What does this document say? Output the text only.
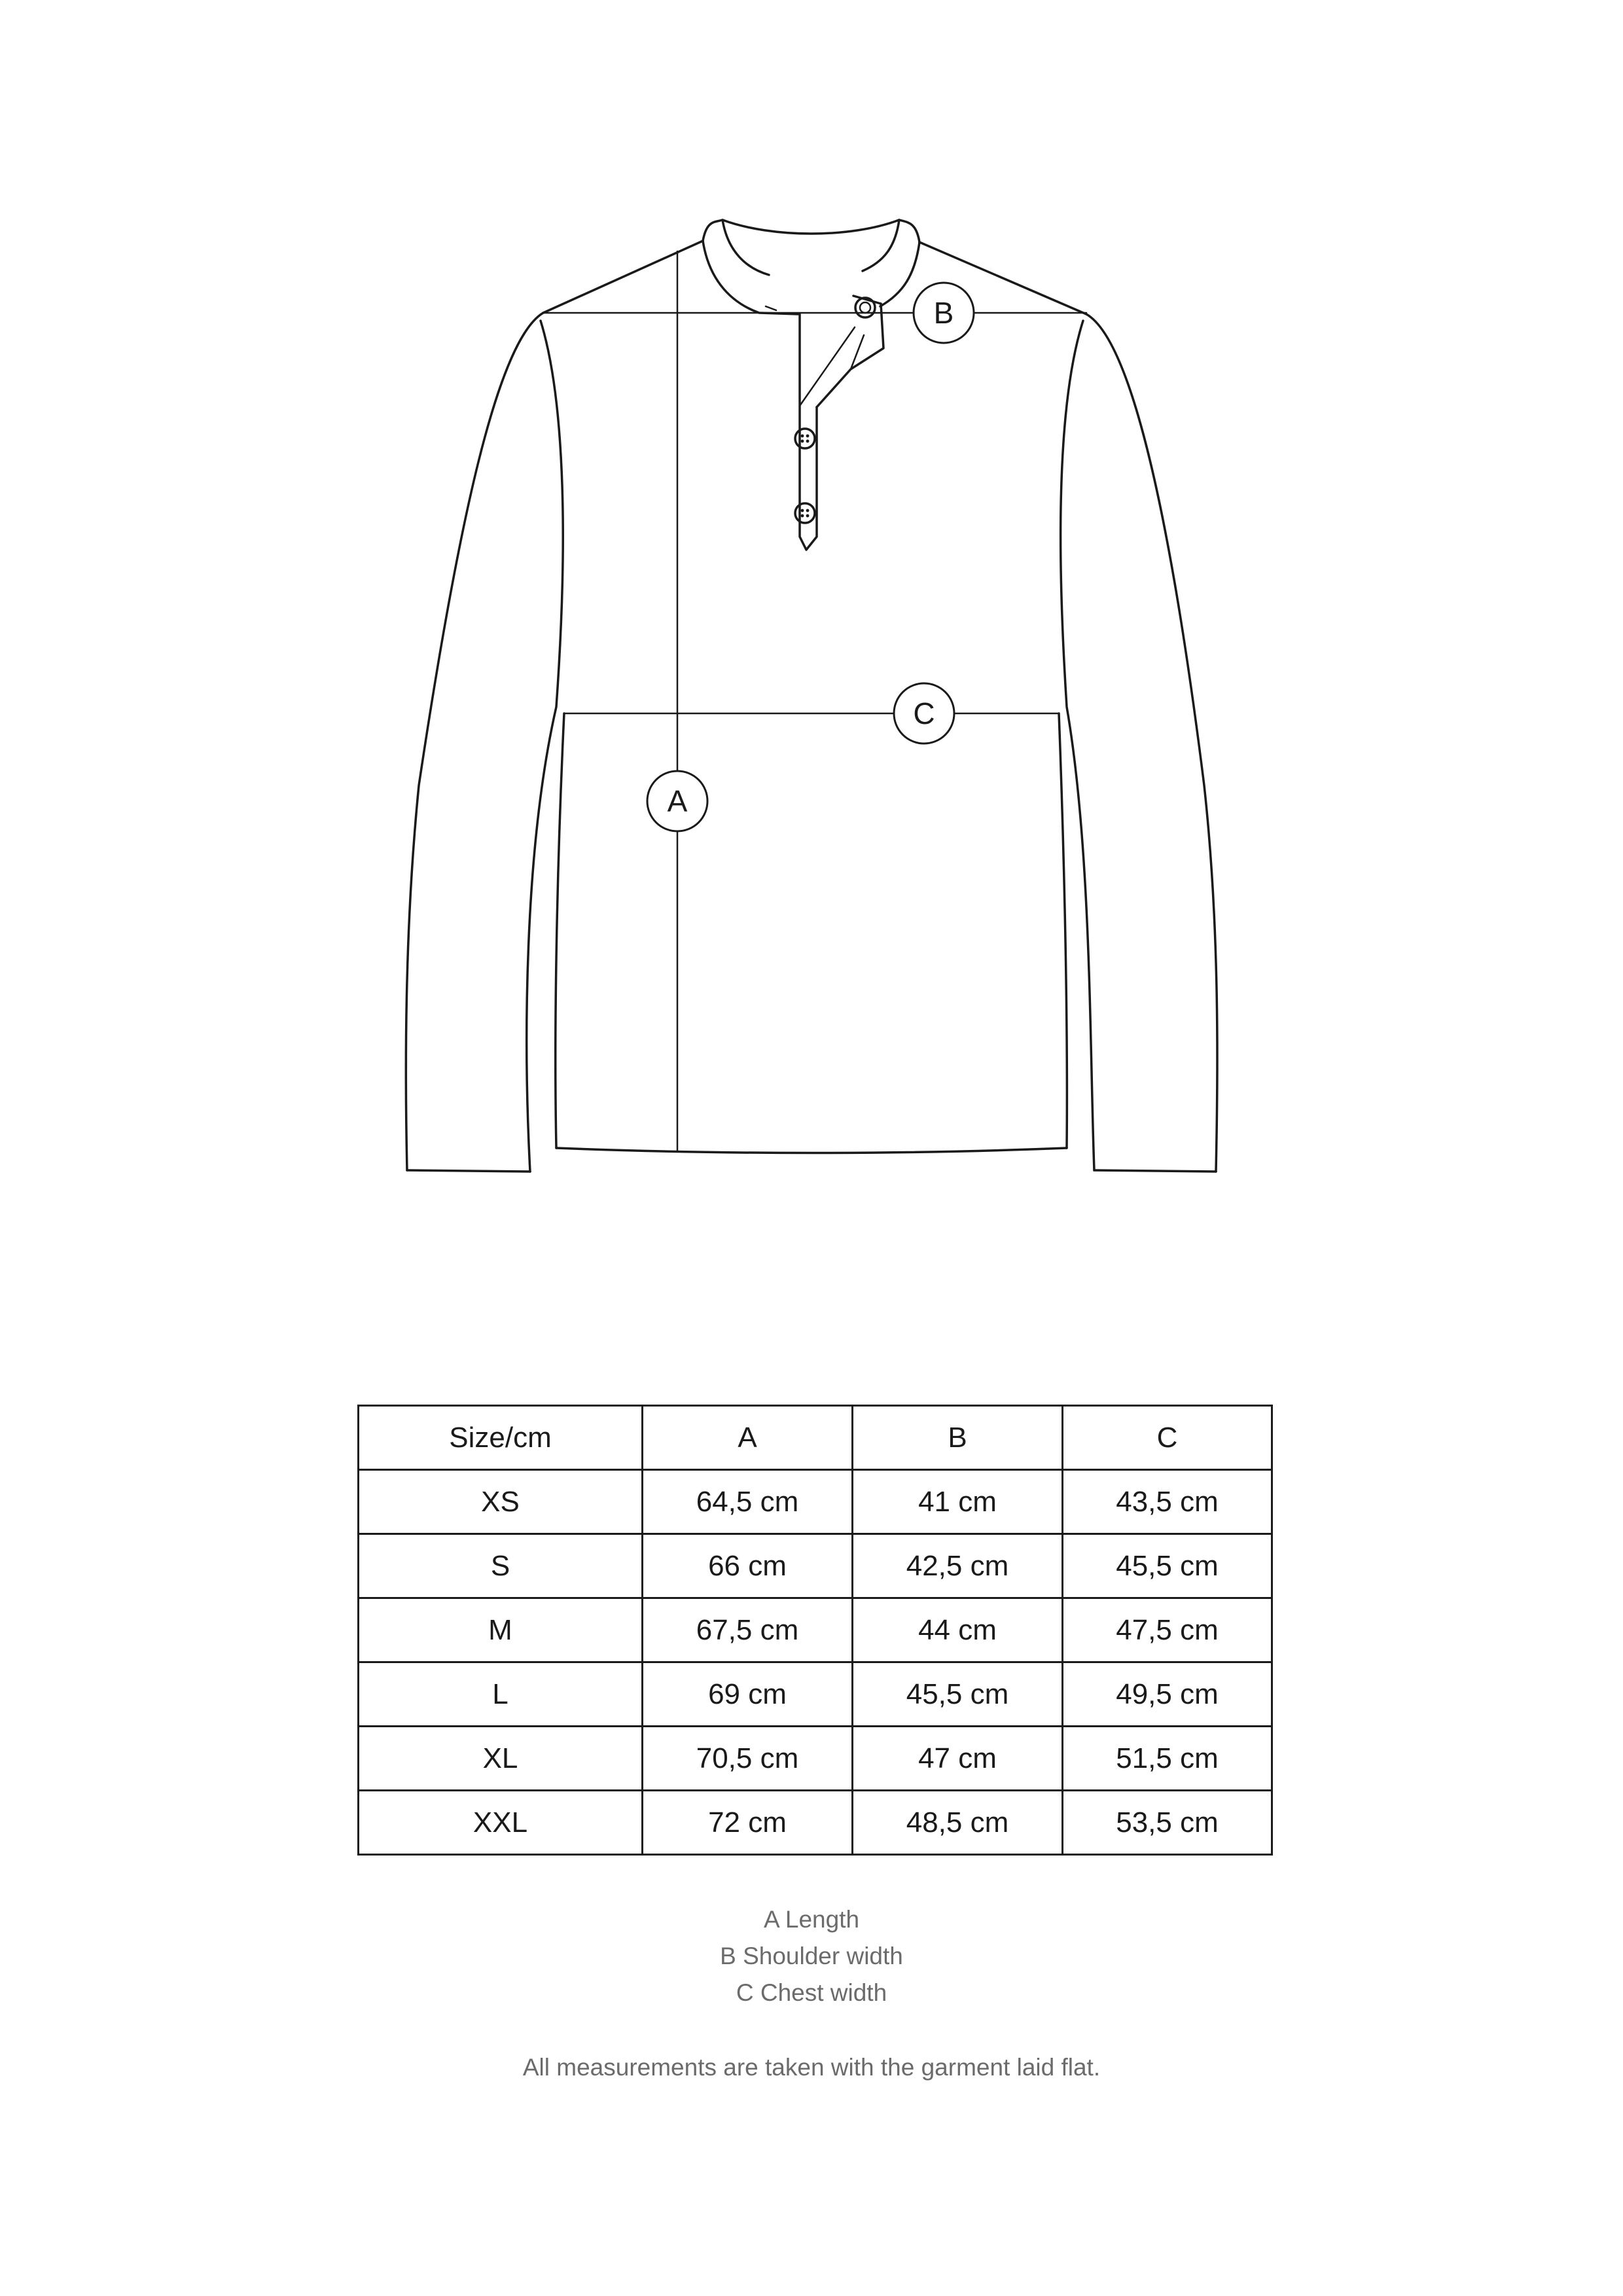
A
B
C
Size/cm	A	B	C
XS	64,5 cm	41 cm	43,5 cm
S	66 cm	42,5 cm	45,5 cm
M	67,5 cm	44 cm	47,5 cm
L	69 cm	45,5 cm	49,5 cm
XL	70,5 cm	47 cm	51,5 cm
XXL	72 cm	48,5 cm	53,5 cm
A Length
B Shoulder width
C Chest width
All measurements are taken with the garment laid flat.
